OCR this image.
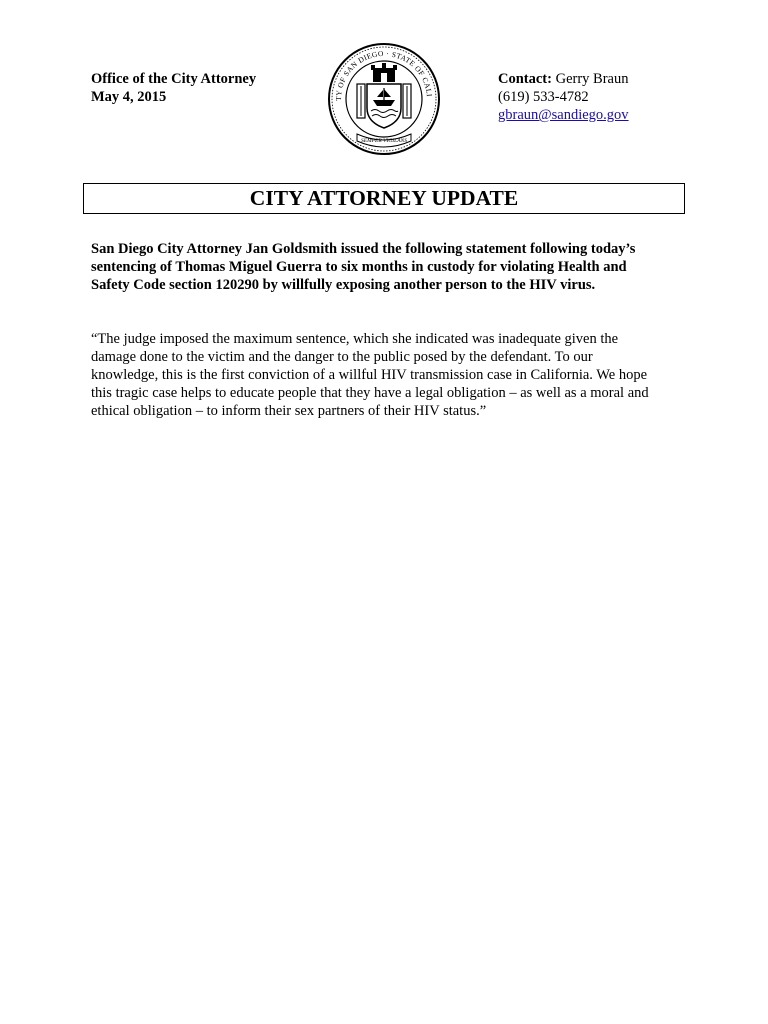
Office of the City Attorney
May 4, 2015	TY OF SAN DIEGO · STATE OF CALI
SEMPER VIGILANS
Contact: Gerry Braun
(619) 533-4782
gbraun@sandiego.gov
CITY ATTORNEY UPDATE
San Diego City Attorney Jan Goldsmith issued the following statement following today’s
sentencing of Thomas Miguel Guerra to six months in custody for violating Health and
Safety Code section 120290 by willfully exposing another person to the HIV virus.
“The judge imposed the maximum sentence, which she indicated was inadequate given the
damage done to the victim and the danger to the public posed by the defendant. To our
knowledge, this is the first conviction of a willful HIV transmission case in California. We hope
this tragic case helps to educate people that they have a legal obligation – as well as a moral and
ethical obligation – to inform their sex partners of their HIV status.”
